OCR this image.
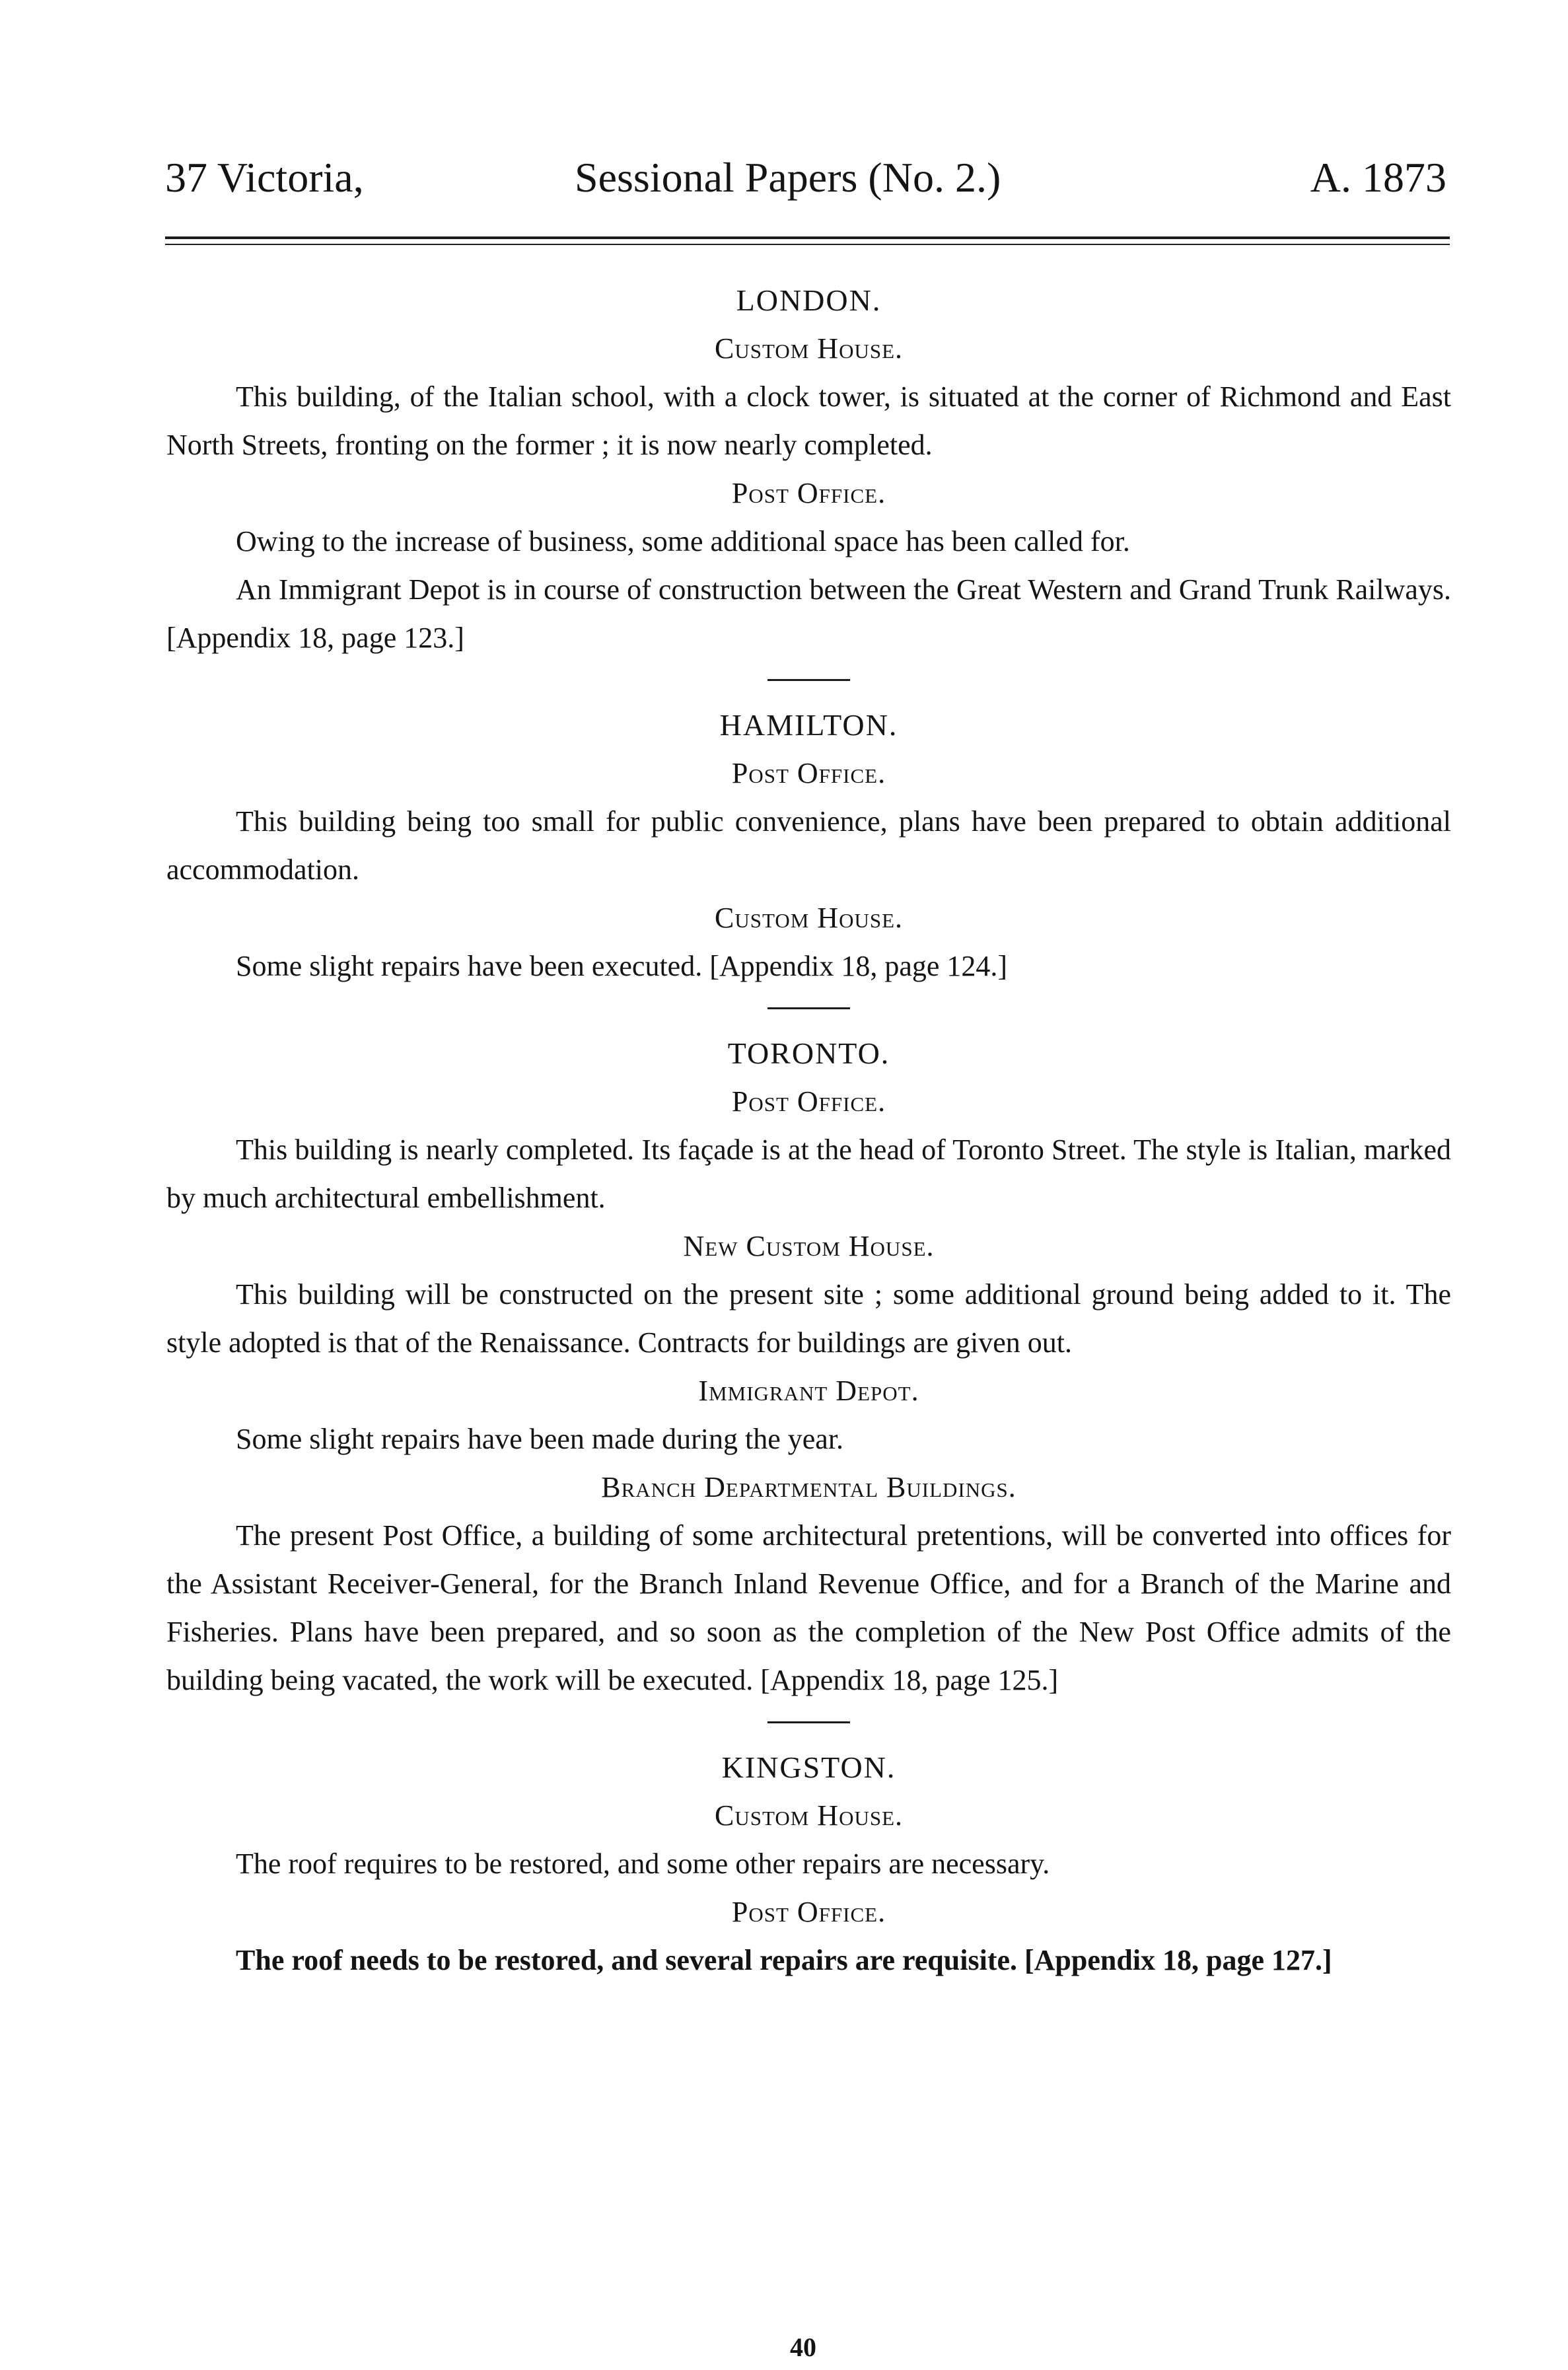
37 Victoria,	Sessional Papers (No. 2.)	A. 1873

LONDON.

Custom House.

This building, of the Italian school, with a clock tower, is situated at the corner of Richmond and East North Streets, fronting on the former ; it is now nearly completed.

Post Office.

Owing to the increase of business, some additional space has been called for.

An Immigrant Depot is in course of construction between the Great Western and Grand Trunk Railways. [Appendix 18, page 123.]

HAMILTON.

Post Office.

This building being too small for public convenience, plans have been prepared to obtain additional accommodation.

Custom House.

Some slight repairs have been executed. [Appendix 18, page 124.]

TORONTO.

Post Office.

This building is nearly completed. Its façade is at the head of Toronto Street. The style is Italian, marked by much architectural embellishment.

New Custom House.

This building will be constructed on the present site ; some additional ground being added to it. The style adopted is that of the Renaissance. Contracts for buildings are given out.

Immigrant Depot.

Some slight repairs have been made during the year.

Branch Departmental Buildings.

The present Post Office, a building of some architectural pretentions, will be converted into offices for the Assistant Receiver-General, for the Branch Inland Revenue Office, and for a Branch of the Marine and Fisheries. Plans have been prepared, and so soon as the completion of the New Post Office admits of the building being vacated, the work will be executed. [Appendix 18, page 125.]

KINGSTON.

Custom House.

The roof requires to be restored, and some other repairs are necessary.

Post Office.

The roof needs to be restored, and several repairs are requisite. [Appendix 18, page 127.]

40
